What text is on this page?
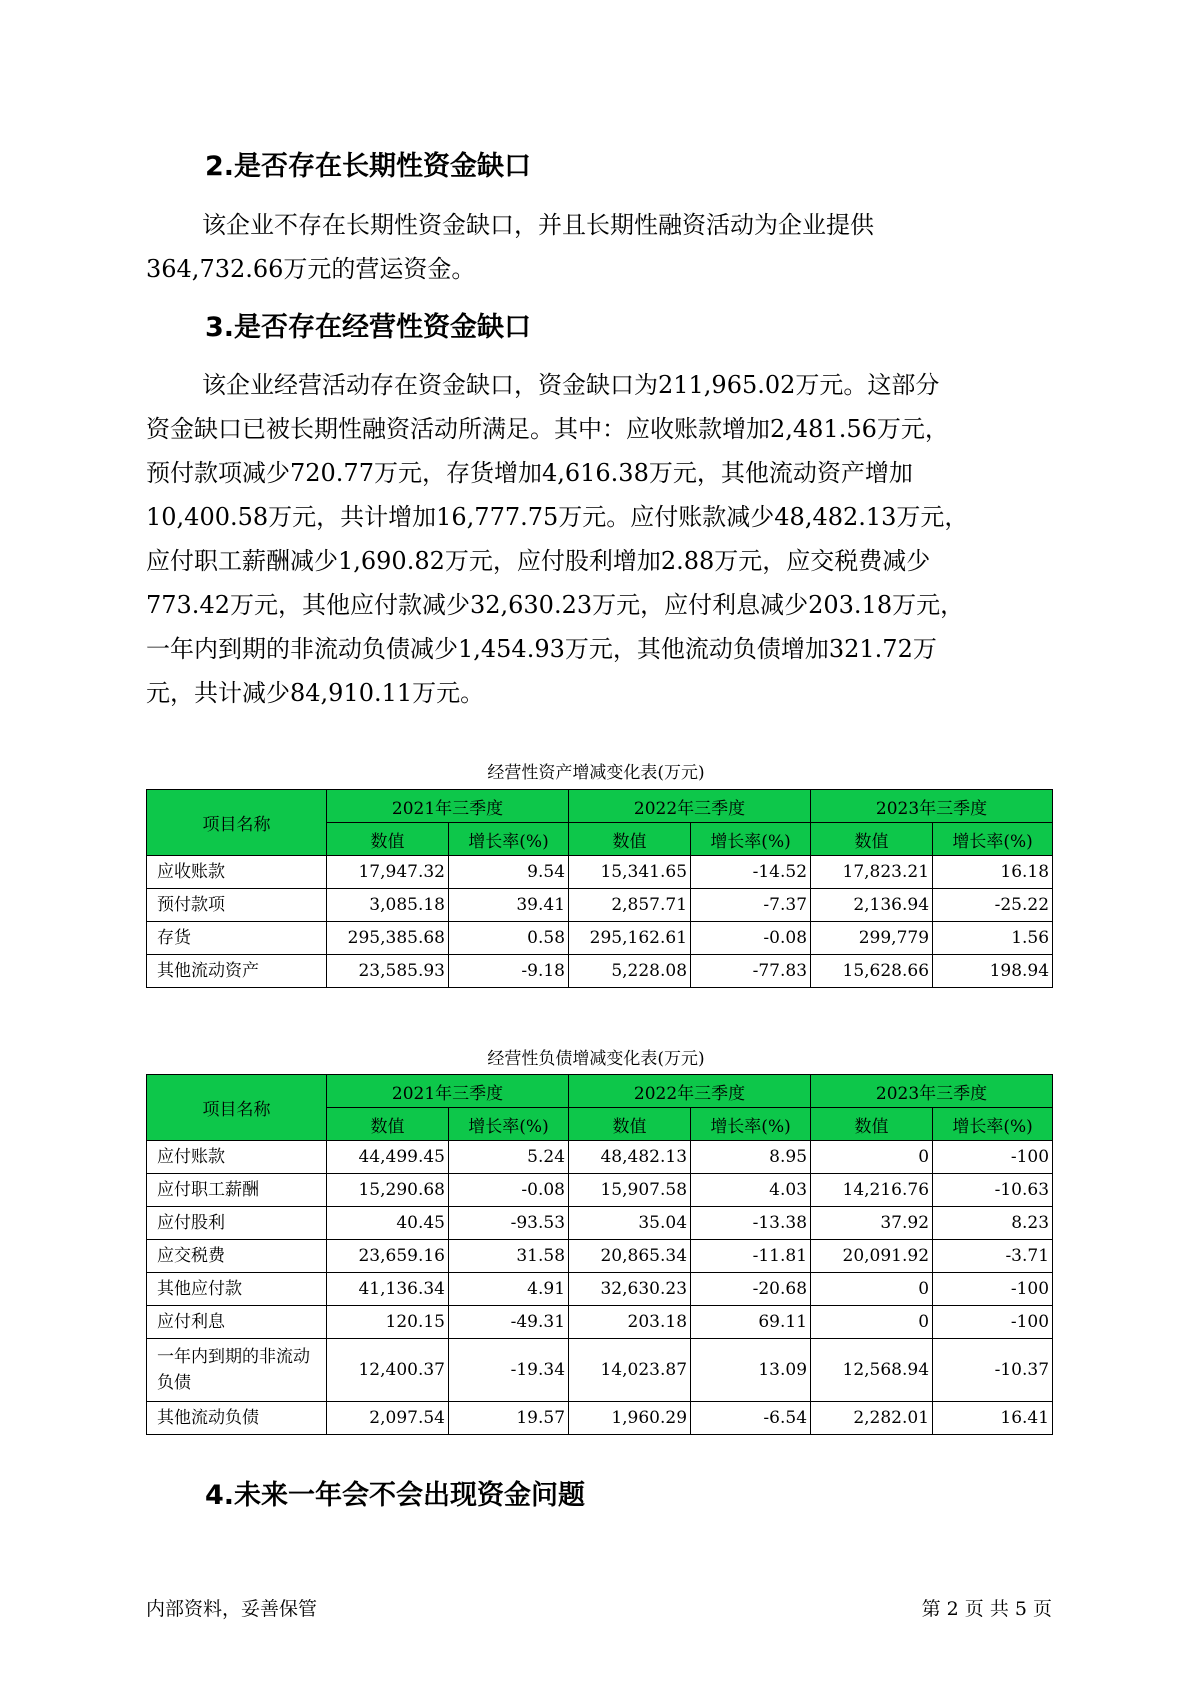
2.是否存在长期性资金缺口

该企业不存在长期性资金缺口，并且长期性融资活动为企业提供

364,732.66万元的营运资金。

3.是否存在经营性资金缺口

该企业经营活动存在资金缺口，资金缺口为211,965.02万元。这部分

资金缺口已被长期性融资活动所满足。其中：应收账款增加2,481.56万元，

预付款项减少720.77万元，存货增加4,616.38万元，其他流动资产增加

10,400.58万元，共计增加16,777.75万元。应付账款减少48,482.13万元，

应付职工薪酬减少1,690.82万元，应付股利增加2.88万元，应交税费减少

773.42万元，其他应付款减少32,630.23万元，应付利息减少203.18万元，

一年内到期的非流动负债减少1,454.93万元，其他流动负债增加321.72万

元，共计减少84,910.11万元。

经营性资产增减变化表(万元)
项目名称	2021年三季度		2022年三季度		2023年三季度	
	数值	增长率(%)	数值	增长率(%)	数值	增长率(%)
应收账款	17,947.32	9.54	15,341.65	-14.52	17,823.21	16.18
预付款项	3,085.18	39.41	2,857.71	-7.37	2,136.94	-25.22
存货	295,385.68	0.58	295,162.61	-0.08	299,779	1.56
其他流动资产	23,585.93	-9.18	5,228.08	-77.83	15,628.66	198.94
经营性负债增减变化表(万元)
项目名称	2021年三季度		2022年三季度		2023年三季度	
	数值	增长率(%)	数值	增长率(%)	数值	增长率(%)
应付账款	44,499.45	5.24	48,482.13	8.95	0	-100
应付职工薪酬	15,290.68	-0.08	15,907.58	4.03	14,216.76	-10.63
应付股利	40.45	-93.53	35.04	-13.38	37.92	8.23
应交税费	23,659.16	31.58	20,865.34	-11.81	20,091.92	-3.71
其他应付款	41,136.34	4.91	32,630.23	-20.68	0	-100
应付利息	120.15	-49.31	203.18	69.11	0	-100
一年内到期的非流动负债	12,400.37	-19.34	14,023.87	13.09	12,568.94	-10.37
其他流动负债	2,097.54	19.57	1,960.29	-6.54	2,282.01	16.41
4.未来一年会不会出现资金问题
内部资料，妥善保管	第 2 页 共 5 页
